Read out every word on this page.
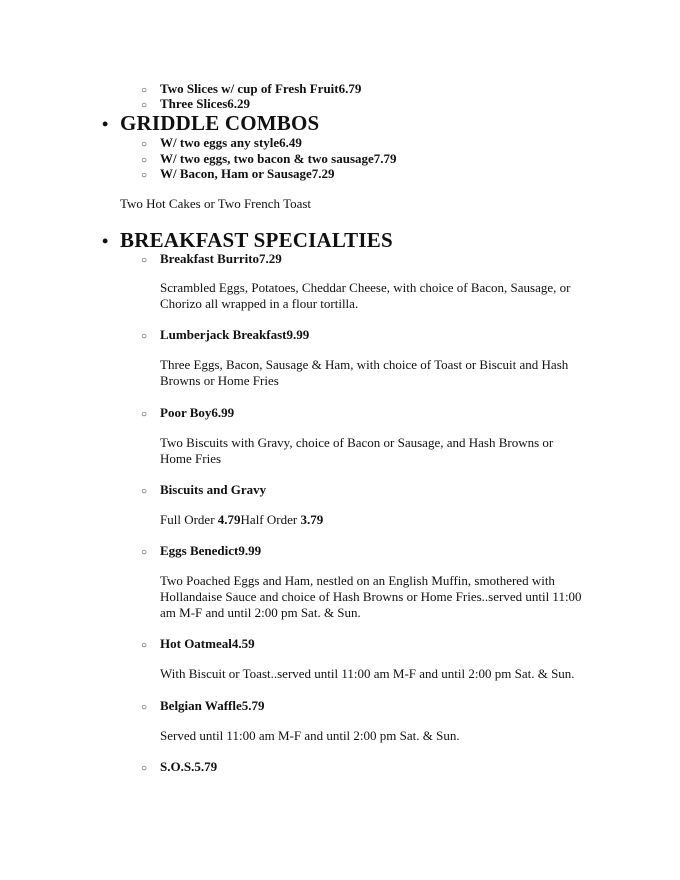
○ Two Slices w/ cup of Fresh Fruit6.79
○ Three Slices6.29
• GRIDDLE COMBOS
○ W/ two eggs any style6.49
○ W/ two eggs, two bacon & two sausage7.79
○ W/ Bacon, Ham or Sausage7.29
Two Hot Cakes or Two French Toast
• BREAKFAST SPECIALTIES
○ Breakfast Burrito7.29
Scrambled Eggs, Potatoes, Cheddar Cheese, with choice of Bacon, Sausage, or
Chorizo all wrapped in a flour tortilla.
○ Lumberjack Breakfast9.99
Three Eggs, Bacon, Sausage & Ham, with choice of Toast or Biscuit and Hash
Browns or Home Fries
○ Poor Boy6.99
Two Biscuits with Gravy, choice of Bacon or Sausage, and Hash Browns or
Home Fries
○ Biscuits and Gravy
Full Order 4.79Half Order 3.79
○ Eggs Benedict9.99
Two Poached Eggs and Ham, nestled on an English Muffin, smothered with
Hollandaise Sauce and choice of Hash Browns or Home Fries..served until 11:00
am M-F and until 2:00 pm Sat. & Sun.
○ Hot Oatmeal4.59
With Biscuit or Toast..served until 11:00 am M-F and until 2:00 pm Sat. & Sun.
○ Belgian Waffle5.79
Served until 11:00 am M-F and until 2:00 pm Sat. & Sun.
○ S.O.S.5.79
